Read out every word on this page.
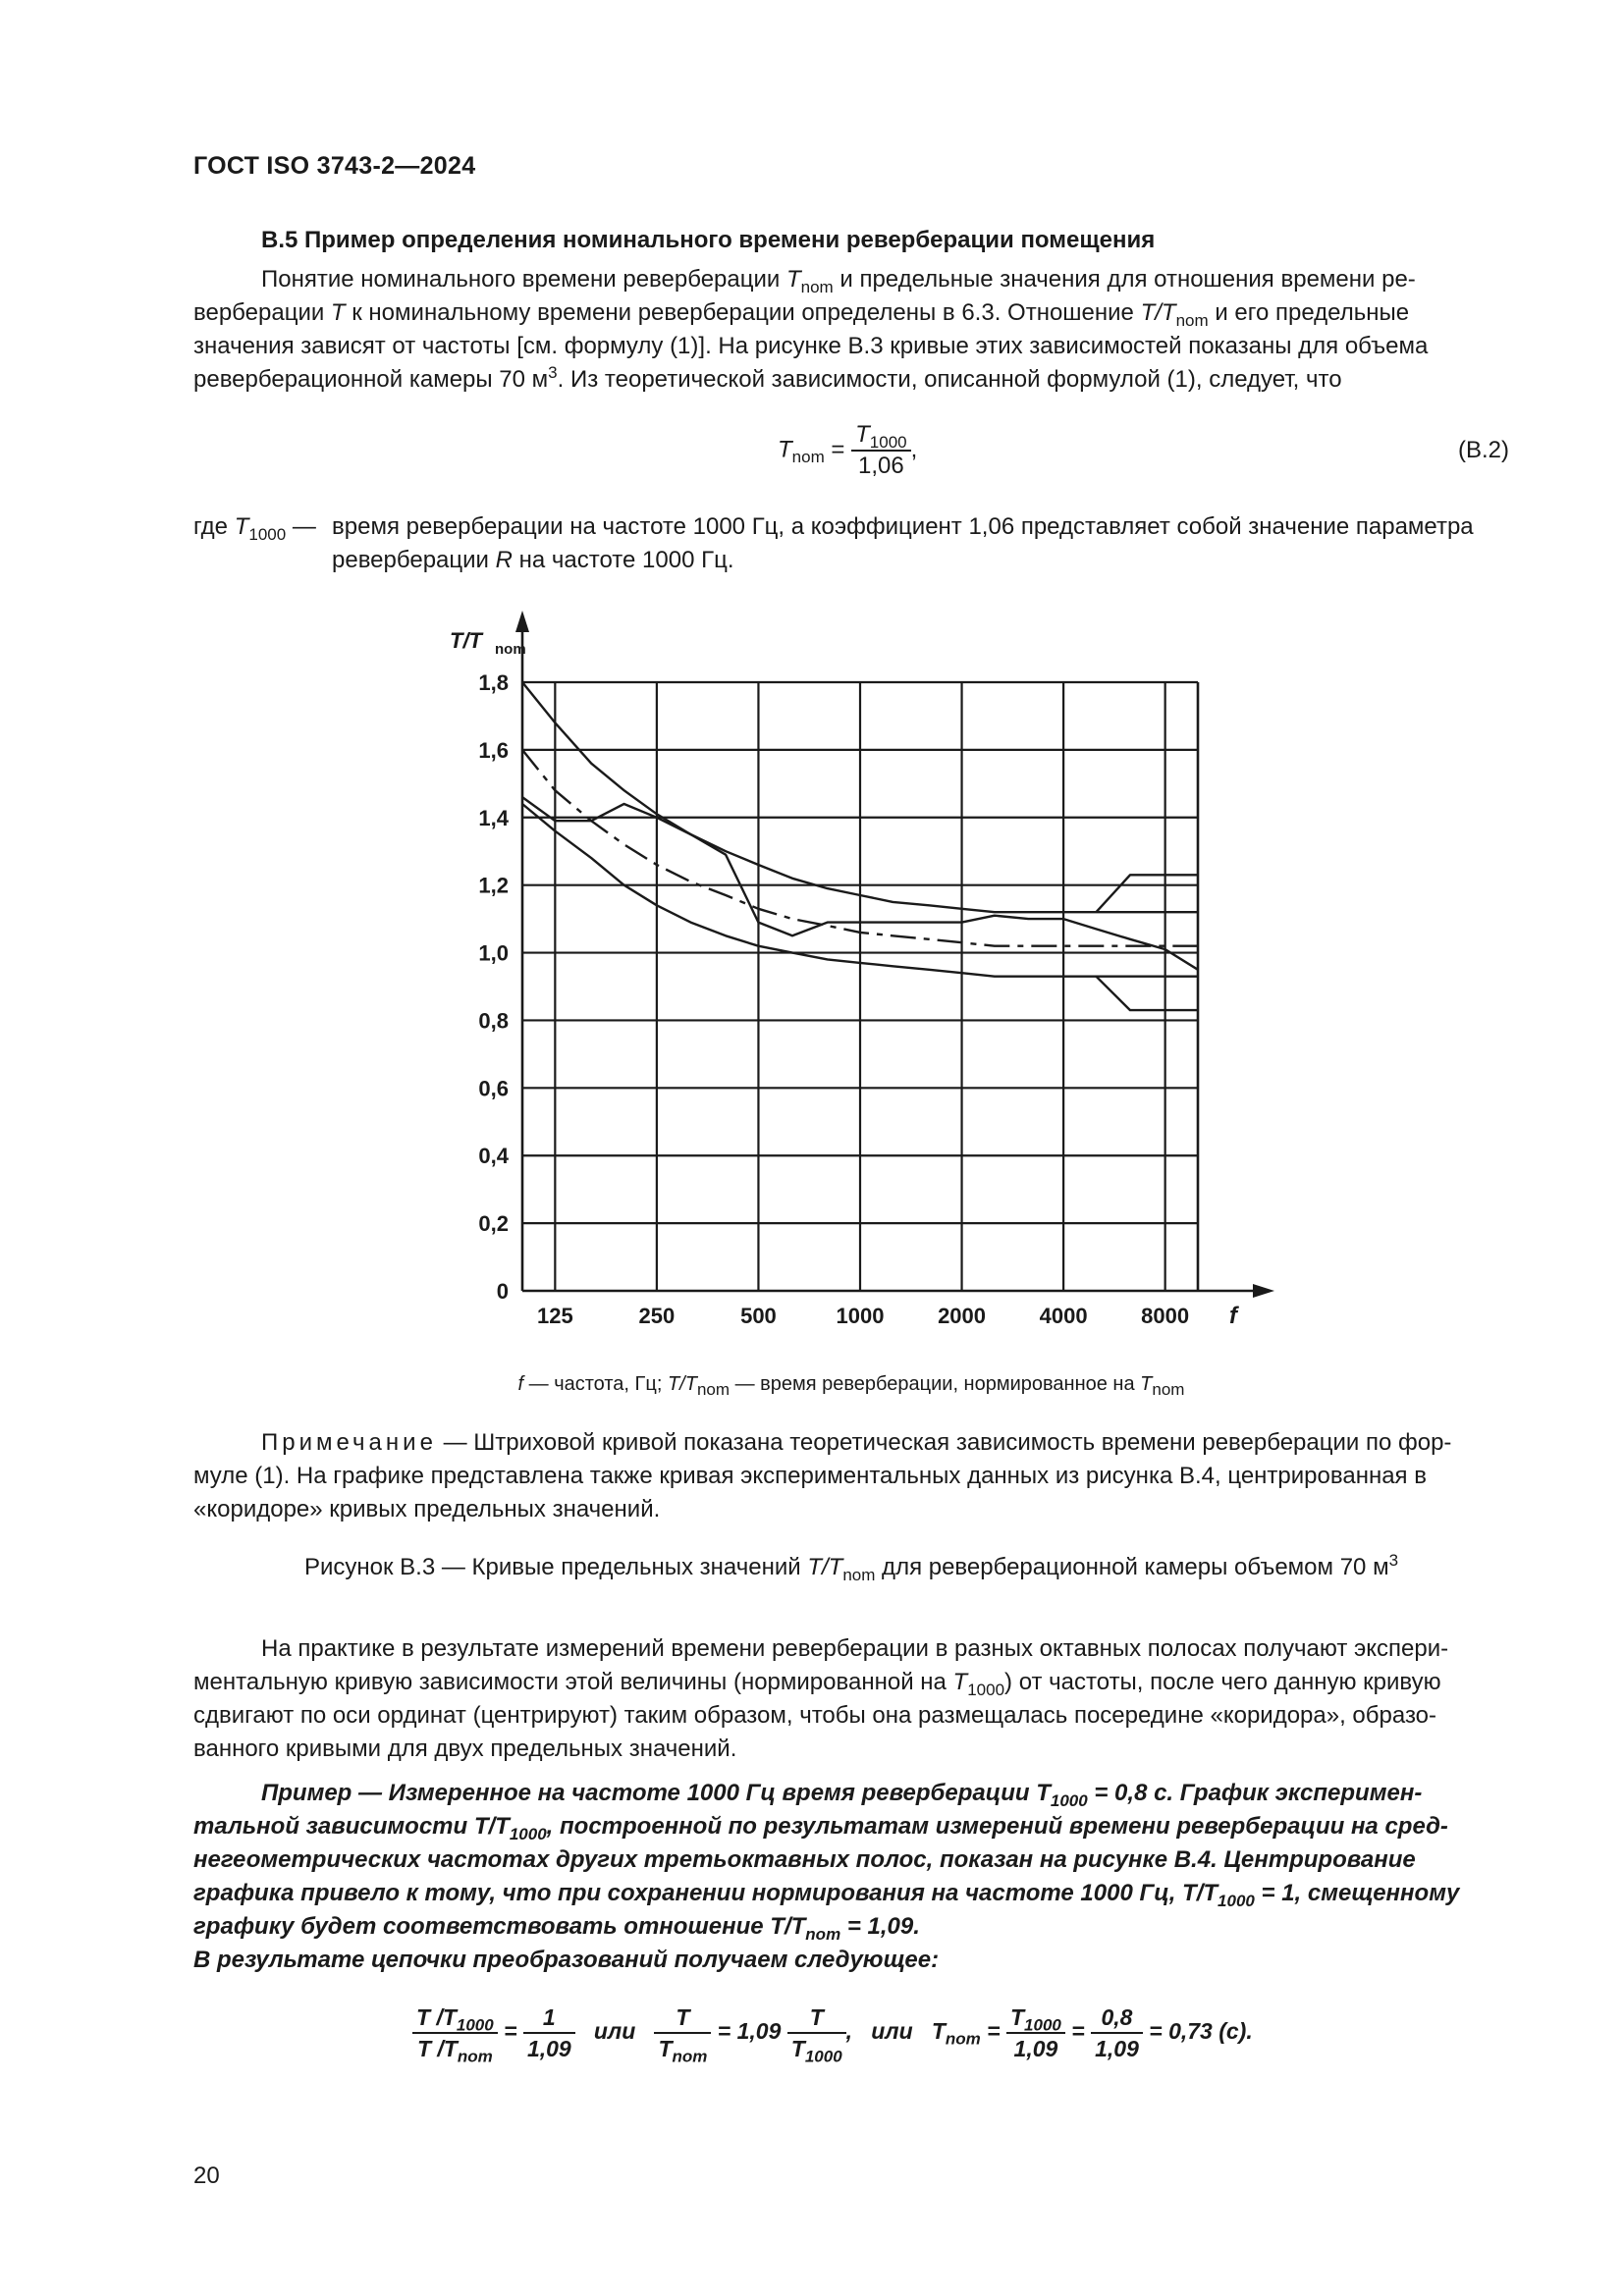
ГОСТ ISO 3743-2—2024
В.5 Пример определения номинального времени реверберации помещения
Понятие номинального времени реверберации $T_{nom}$ и предельные значения для отношения времени ре-
верберации T к номинальному времени реверберации определены в 6.3. Отношение $T/T_{nom}$ и его предельные
значения зависят от частоты [см. формулу (1)]. На рисунке В.3 кривые этих зависимостей показаны для объема
реверберационной камеры 70 $м^3$. Из теоретической зависимости, описанной формулой (1), следует, что
$T_{nom} = \frac{T_{1000}}{1,06}$ ,	(В.2)
где $T_{1000}$ — время реверберации на частоте 1000 Гц, а коэффициент 1,06 представляет собой значение параметра
реверберации R на частоте 1000 Гц.
0
0,2
0,4
0,6
0,8
1,0
1,2
1,4
1,6
1,8
125	250	500	1000 2000 4000 8000
T/T nom
f
f — частота, Гц; $T/T_{nom}$ — время реверберации, нормированное на $T_{nom}$
Примечание — Штриховой кривой показана теоретическая зависимость времени реверберации по фор-
муле (1). На графике представлена также кривая экспериментальных данных из рисунка В.4, центрированная в
«коридоре» кривых предельных значений.
Рисунок В.3 — Кривые предельных значений $T/T_{nom}$ для реверберационной камеры объемом 70 $м^3$
На практике в результате измерений времени реверберации в разных октавных полосах получают экспери-
ментальную кривую зависимости этой величины (нормированной на $T_{1000}$) от частоты, после чего данную кривую
сдвигают по оси ординат (центрируют) таким образом, чтобы она размещалась посередине «коридора», образо-
ванного кривыми для двух предельных значений.
Пример — Измеренное на частоте 1000 Гц время реверберации $T_{1000} = 0,8$ с. График эксперимен-
тальной зависимости $T/T_{1000}$, построенной по результатам измерений времени реверберации на сред-
негеометрических частотах других третьоктавных полос, показан на рисунке В.4. Центрирование
графика привело к тому, что при сохранении нормирования на частоте 1000 Гц, $T/T_{1000} = 1$, смещенному
графику будет соответствовать отношение $T/T_{nom} = 1,09$.
В результате цепочки преобразований получаем следующее:
$\frac{T /T_{1000}}{T /T_{nom}} = \frac{1}{1,09}$ или $\frac{T}{T_{nom}} = 1,09 \frac{T}{T_{1000}}$ , или $T_{nom} = \frac{T_{1000}}{1,09} = \frac{0,8}{1,09} = 0,73$ (с).
20
